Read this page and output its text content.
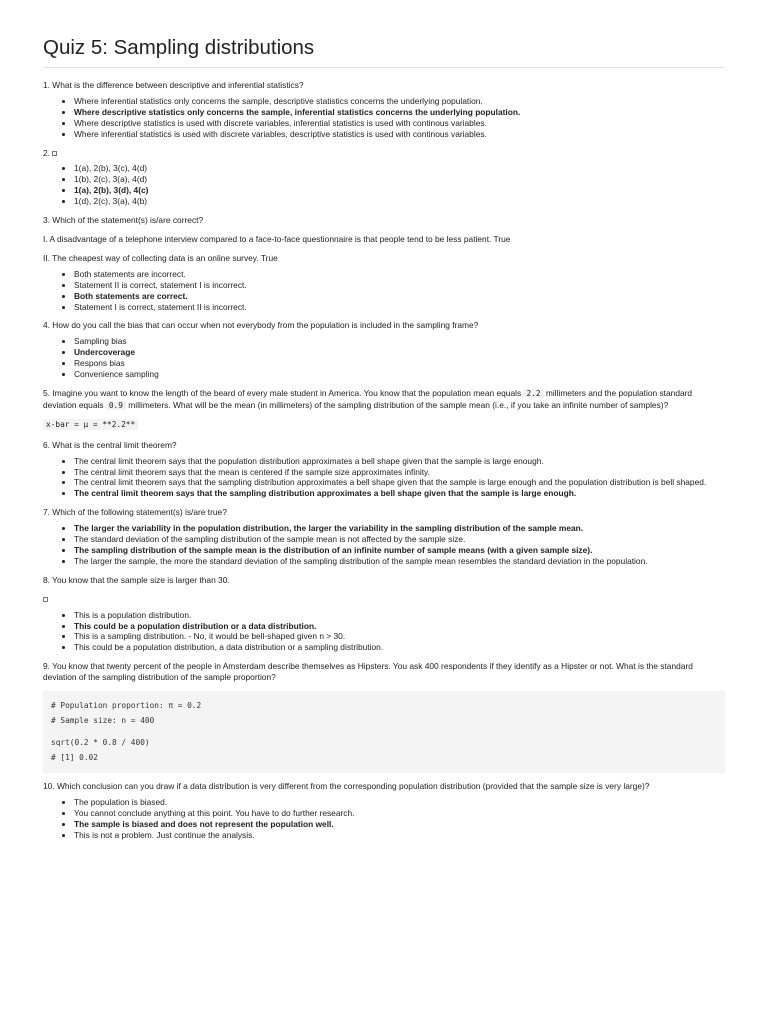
Quiz 5: Sampling distributions

1. What is the difference between descriptive and inferential statistics?

Where inferential statistics only concerns the sample, descriptive statistics concerns the underlying population.
Where descriptive statistics only concerns the sample, inferential statistics concerns the underlying population.
Where descriptive statistics is used with discrete variables, inferential statistics is used with continous variables.
Where inferential statistics is used with discrete variables, descriptive statistics is used with continous variables.

2.

1(a), 2(b), 3(c), 4(d)
1(b), 2(c), 3(a), 4(d)
1(a), 2(b), 3(d), 4(c)
1(d), 2(c), 3(a), 4(b)

3. Which of the statement(s) is/are correct?

I. A disadvantage of a telephone interview compared to a face-to-face questionnaire is that people tend to be less patient. True

II. The cheapest way of collecting data is an online survey. True

Both statements are incorrect.
Statement II is correct, statement I is incorrect.
Both statements are correct.
Statement I is correct, statement II is incorrect.

4. How do you call the bias that can occur when not everybody from the population is included in the sampling frame?

Sampling bias
Undercoverage
Respons bias
Convenience sampling

5. Imagine you want to know the length of the beard of every male student in America. You know that the population mean equals 2.2 millimeters and the population standard deviation equals 0.9 millimeters. What will be the mean (in millimeters) of the sampling distribution of the sample mean (i.e., if you take an infinite number of samples)?

x-bar = μ = **2.2**

6. What is the central limit theorem?

The central limit theorem says that the population distribution approximates a bell shape given that the sample is large enough.
The central limit theorem says that the mean is centered if the sample size approximates infinity.
The central limit theorem says that the sampling distribution approximates a bell shape given that the sample is large enough and the population distribution is bell shaped.
The central limit theorem says that the sampling distribution approximates a bell shape given that the sample is large enough.

7. Which of the following statement(s) is/are true?

The larger the variability in the population distribution, the larger the variability in the sampling distribution of the sample mean.
The standard deviation of the sampling distribution of the sample mean is not affected by the sample size.
The sampling distribution of the sample mean is the distribution of an infinite number of sample means (with a given sample size).
The larger the sample, the more the standard deviation of the sampling distribution of the sample mean resembles the standard deviation in the population.

8. You know that the sample size is larger than 30.

This is a population distribution.
This could be a population distribution or a data distribution.
This is a sampling distribution. - No, it would be bell-shaped given n > 30.
This could be a population distribution, a data distribution or a sampling distribution.

9. You know that twenty percent of the people in Amsterdam describe themselves as Hipsters. You ask 400 respondents if they identify as a Hipster or not. What is the standard deviation of the sampling distribution of the sample proportion?

# Population proportion: π = 0.2
# Sample size: n = 400
sqrt(0.2 * 0.8 / 400)
# [1] 0.02

10. Which conclusion can you draw if a data distribution is very different from the corresponding population distribution (provided that the sample size is very large)?

The population is biased.
You cannot conclude anything at this point. You have to do further research.
The sample is biased and does not represent the population well.
This is not a problem. Just continue the analysis.
